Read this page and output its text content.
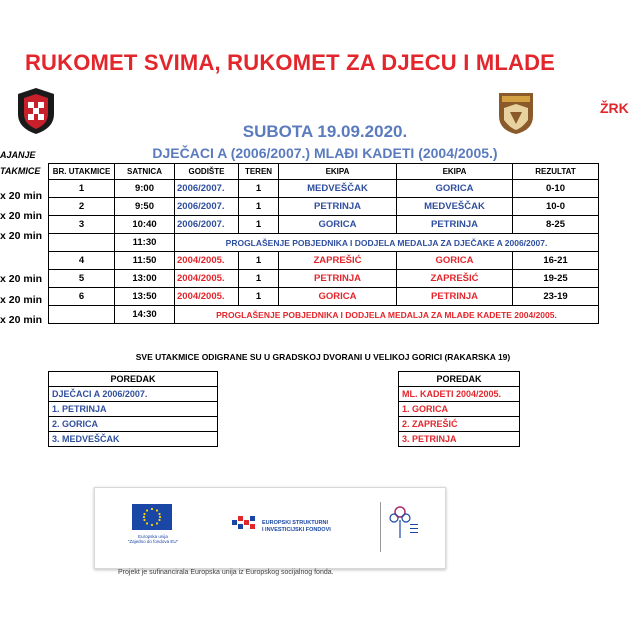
RUKOMET SVIMA, RUKOMET ZA DJECU I MLADE
ŽRK
SUBOTA 19.09.2020.
DJEČACI A (2006/2007.) MLAĐI KADETI (2004/2005.)
AJANJE
TAKMICE
x 20 min
x 20 min
x 20 min
x 20 min
x 20 min
x 20 min
BR. UTAKMICE	SATNICA	GODIŠTE	TEREN	EKIPA	EKIPA	REZULTAT
1	9:00	2006/2007.	1	MEDVEŠČAK	GORICA	0-10
2	9:50	2006/2007.	1	PETRINJA	MEDVEŠČAK	10-0
3	10:40	2006/2007.	1	GORICA	PETRINJA	8-25
	11:30	PROGLAŠENJE POBJEDNIKA I DODJELA MEDALJA ZA DJEČAKE A 2006/2007.				
4	11:50	2004/2005.	1	ZAPREŠIĆ	GORICA	16-21
5	13:00	2004/2005.	1	PETRINJA	ZAPREŠIĆ	19-25
6	13:50	2004/2005.	1	GORICA	PETRINJA	23-19
	14:30	PROGLAŠENJE POBJEDNIKA I DODJELA MEDALJA ZA MLAĐE KADETE 2004/2005.				
SVE UTAKMICE ODIGRANE SU U GRADSKOJ DVORANI U VELIKOJ GORICI (RAKARSKA 19)
POREDAK
DJEČACI A 2006/2007.
1. PETRINJA
2. GORICA
3. MEDVEŠČAK
POREDAK
ML. KADETI 2004/2005.
1. GORICA
2. ZAPREŠIĆ
3. PETRINJA
Europska unija
"Zajedno do fondova EU"
EUROPSKI STRUKTURNI
I INVESTICIJSKI FONDOVI
Projekt je sufinancirala Europska unija iz Europskog socijalnog fonda.
